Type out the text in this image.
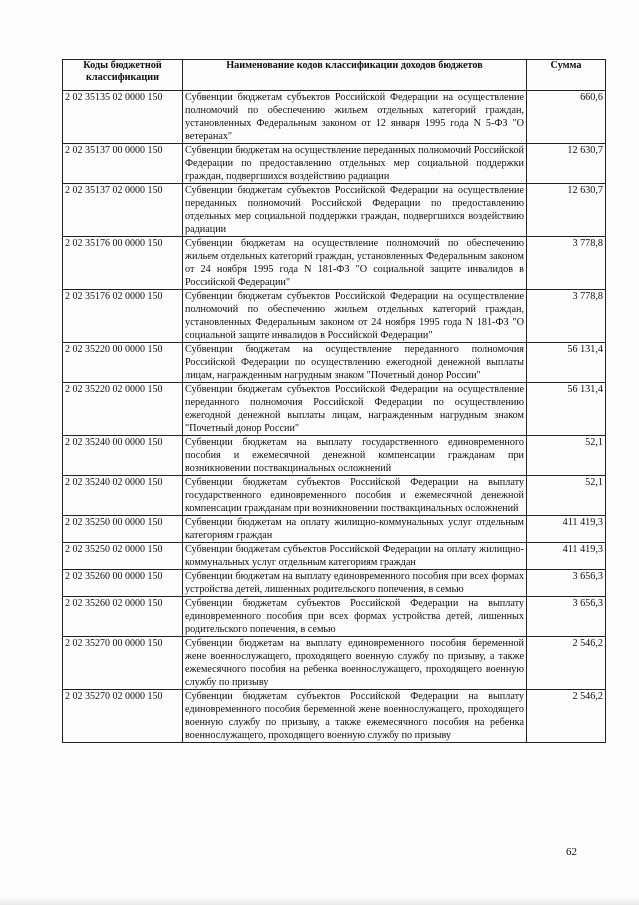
Коды бюджетной классификации	Наименование кодов классификации доходов бюджетов	Сумма
2 02 35135 02 0000 150	Субвенции бюджетам субъектов Российской Федерации на осуществление полномочий по обеспечению жильем отдельных категорий граждан, установленных Федеральным законом от 12 января 1995 года N 5-ФЗ "О ветеранах"	660,6
2 02 35137 00 0000 150	Субвенции бюджетам на осуществление переданных полномочий Российской Федерации по предоставлению отдельных мер социальной поддержки граждан, подвергшихся воздействию радиации	12 630,7
2 02 35137 02 0000 150	Субвенции бюджетам субъектов Российской Федерации на осуществление переданных полномочий Российской Федерации по предоставлению отдельных мер социальной поддержки граждан, подвергшихся воздействию радиации	12 630,7
2 02 35176 00 0000 150	Субвенции бюджетам на осуществление полномочий по обеспечению жильем отдельных категорий граждан, установленных Федеральным законом от 24 ноября 1995 года N 181-ФЗ "О социальной защите инвалидов в Российской Федерации"	3 778,8
2 02 35176 02 0000 150	Субвенции бюджетам субъектов Российской Федерации на осуществление полномочий по обеспечению жильем отдельных категорий граждан, установленных Федеральным законом от 24 ноября 1995 года N 181-ФЗ "О социальной защите инвалидов в Российской Федерации"	3 778,8
2 02 35220 00 0000 150	Субвенции бюджетам на осуществление переданного полномочия Российской Федерации по осуществлению ежегодной денежной выплаты лицам, награжденным нагрудным знаком "Почетный донор России"	56 131,4
2 02 35220 02 0000 150	Субвенции бюджетам субъектов Российской Федерации на осуществление переданного полномочия Российской Федерации по осуществлению ежегодной денежной выплаты лицам, награжденным нагрудным знаком "Почетный донор России"	56 131,4
2 02 35240 00 0000 150	Субвенции бюджетам на выплату государственного единовременного пособия и ежемесячной денежной компенсации гражданам при возникновении поствакцинальных осложнений	52,1
2 02 35240 02 0000 150	Субвенции бюджетам субъектов Российской Федерации на выплату государственного единовременного пособия и ежемесячной денежной компенсации гражданам при возникновении поствакцинальных осложнений	52,1
2 02 35250 00 0000 150	Субвенции бюджетам на оплату жилищно-коммунальных услуг отдельным категориям граждан	411 419,3
2 02 35250 02 0000 150	Субвенции бюджетам субъектов Российской Федерации на оплату жилищно-коммунальных услуг отдельным категориям граждан	411 419,3
2 02 35260 00 0000 150	Субвенции бюджетам на выплату единовременного пособия при всех формах устройства детей, лишенных родительского попечения, в семью	3 656,3
2 02 35260 02 0000 150	Субвенции бюджетам субъектов Российской Федерации на выплату единовременного пособия при всех формах устройства детей, лишенных родительского попечения, в семью	3 656,3
2 02 35270 00 0000 150	Субвенции бюджетам на выплату единовременного пособия беременной жене военнослужащего, проходящего военную службу по призыву, а также ежемесячного пособия на ребенка военнослужащего, проходящего военную службу по призыву	2 546,2
2 02 35270 02 0000 150	Субвенции бюджетам субъектов Российской Федерации на выплату единовременного пособия беременной жене военнослужащего, проходящего военную службу по призыву, а также ежемесячного пособия на ребенка военнослужащего, проходящего военную службу по призыву	2 546,2
62
